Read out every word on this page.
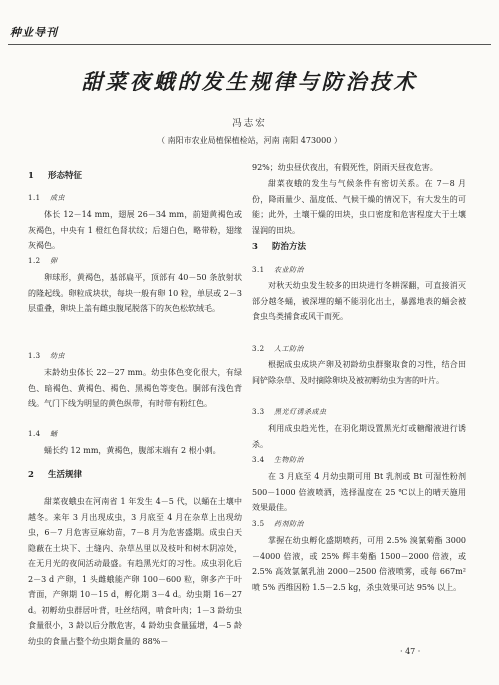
种业导刊
甜菜夜蛾的发生规律与防治技术
冯志宏
（ 南阳市农业局植保植检站，河南 南阳 473000 ）
1 形态特征
1.1 成虫
体长 12－14 mm，翅展 26－34 mm，前翅黄褐色或灰褐色，中央有 1 橙红色肾状纹；后翅白色，略带粉，翅缘灰褐色。
1.2 卵
卵球形，黄褐色，基部扁平，顶部有 40－50 条放射状的隆起线。卵粒成块状，每块一般有卵 10 粒，单层或 2－3 层重叠，卵块上盖有雌虫腹尾脱落下的灰色松软绒毛。
1.3 幼虫
末龄幼虫体长 22－27 mm。幼虫体色变化很大，有绿色、暗褐色、黄褐色、褐色、黑褐色等变色。胴部有浅色背线。气门下线为明显的黄色纵带，有时带有粉红色。
1.4 蛹
蛹长约 12 mm，黄褐色，腹部末端有 2 根小刺。
2 生活规律
甜菜夜蛾虫在河南省 1 年发生 4－5 代，以蛹在土壤中越冬。来年 3 月出现成虫，3 月底至 4 月在杂草上出现幼虫，6－7 月危害豆麻幼苗，7－8 月为危害盛期。成虫白天隐蔽在土块下、土缝内、杂草丛里以及枝叶和树木阴凉处，在无月光的夜间活动最盛。有趋黑光灯的习性。成虫羽化后 2－3 d 产卵，1 头雌蛾能产卵 100－600 粒，卵多产于叶背面，产卵期 10－15 d，孵化期 3－4 d。幼虫期 16－27 d。初孵幼虫群居叶背，吐丝结网，啃食叶肉；1－3 龄幼虫食量很小，3 龄以后分散危害，4 龄幼虫食量猛增，4－5 龄幼虫的食量占整个幼虫期食量的 88%－
92%；幼虫昼伏夜出，有假死性，阴雨天昼夜危害。
甜菜夜蛾的发生与气候条件有密切关系。在 7－8 月份，降雨量少、温度低、气候干燥的情况下，有大发生的可能；此外，土壤干燥的田块，虫口密度和危害程度大于土壤湿润的田块。
3 防治方法
3.1 农业防治
对秋天幼虫发生较多的田块进行冬耕深翻，可直接消灭部分越冬蛹，被深埋的蛹不能羽化出土，暴露地表的蛹会被食虫鸟类捕食或风干而死。
3.2 人工防治
根据成虫成块产卵及初龄幼虫群聚取食的习性，结合田间铲除杂草、及时摘除卵块及被初孵幼虫为害的叶片。
3.3 黑光灯诱杀成虫
利用成虫趋光性，在羽化期设置黑光灯或糖醋液进行诱杀。
3.4 生物防治
在 3 月底至 4 月幼虫期可用 Bt 乳剂或 Bt 可湿性粉剂 500－1000 倍液喷洒，选择温度在 25 ℃以上的晴天施用效果最佳。
3.5 药剂防治
掌握在幼虫孵化盛期喷药，可用 2.5% 溴氰菊酯 3000－4000 倍液，或 25% 辉丰菊酯 1500－2000 倍液，或 2.5% 高效氯氰乳油 2000－2500 倍液喷雾，或每 667m² 喷 5% 西维因粉 1.5－2.5 kg，杀虫效果可达 95% 以上。
· 47 ·
